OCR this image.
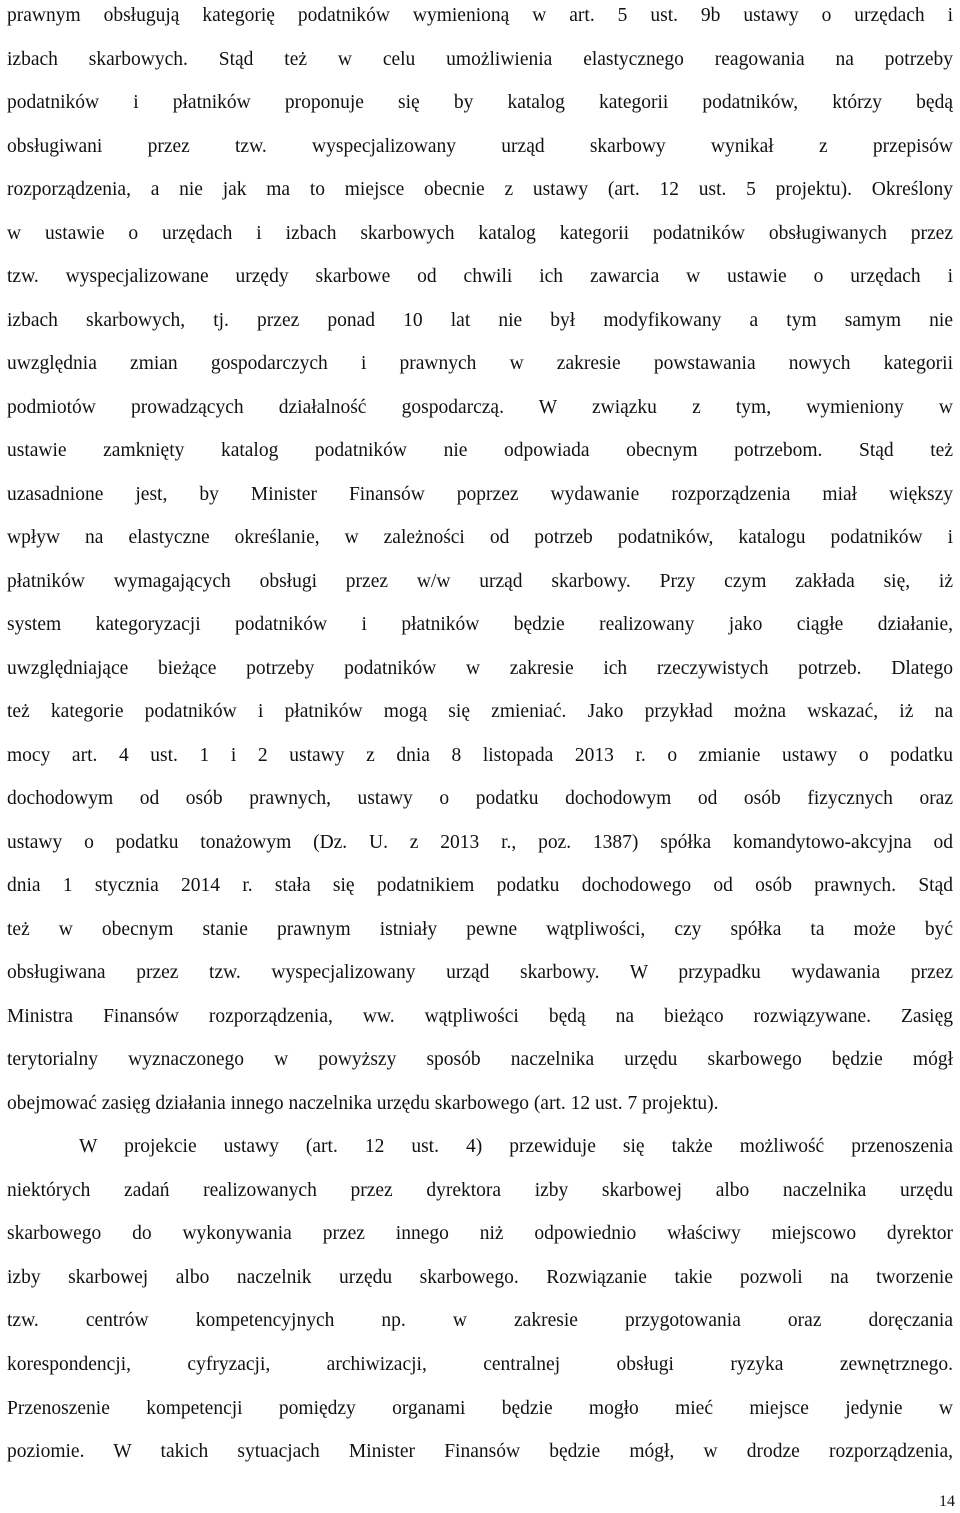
prawnym obsługują kategorię podatników wymienioną w art. 5 ust. 9b ustawy o urzędach i
izbach skarbowych. Stąd też w celu umożliwienia elastycznego reagowania na potrzeby
podatników i płatników proponuje się by katalog kategorii podatników, którzy będą
obsługiwani przez tzw. wyspecjalizowany urząd skarbowy wynikał z przepisów
rozporządzenia, a nie jak ma to miejsce obecnie z ustawy (art. 12 ust. 5 projektu). Określony
w ustawie o urzędach i izbach skarbowych katalog kategorii podatników obsługiwanych przez
tzw. wyspecjalizowane urzędy skarbowe od chwili ich zawarcia w ustawie o urzędach i
izbach skarbowych, tj. przez ponad 10 lat nie był modyfikowany a tym samym nie
uwzględnia zmian gospodarczych i prawnych w zakresie powstawania nowych kategorii
podmiotów prowadzących działalność gospodarczą. W związku z tym, wymieniony w
ustawie zamknięty katalog podatników nie odpowiada obecnym potrzebom. Stąd też
uzasadnione jest, by Minister Finansów poprzez wydawanie rozporządzenia miał większy
wpływ na elastyczne określanie, w zależności od potrzeb podatników, katalogu podatników i
płatników wymagających obsługi przez w/w urząd skarbowy. Przy czym zakłada się, iż
system kategoryzacji podatników i płatników będzie realizowany jako ciągłe działanie,
uwzględniające bieżące potrzeby podatników w zakresie ich rzeczywistych potrzeb. Dlatego
też kategorie podatników i płatników mogą się zmieniać. Jako przykład można wskazać, iż na
mocy art. 4 ust. 1 i 2 ustawy z dnia 8 listopada 2013 r. o zmianie ustawy o podatku
dochodowym od osób prawnych, ustawy o podatku dochodowym od osób fizycznych oraz
ustawy o podatku tonażowym (Dz. U. z 2013 r., poz. 1387) spółka komandytowo-akcyjna od
dnia 1 stycznia 2014 r. stała się podatnikiem podatku dochodowego od osób prawnych. Stąd
też w obecnym stanie prawnym istniały pewne wątpliwości, czy spółka ta może być
obsługiwana przez tzw. wyspecjalizowany urząd skarbowy. W przypadku wydawania przez
Ministra Finansów rozporządzenia, ww. wątpliwości będą na bieżąco rozwiązywane. Zasięg
terytorialny wyznaczonego w powyższy sposób naczelnika urzędu skarbowego będzie mógł
obejmować zasięg działania innego naczelnika urzędu skarbowego (art. 12 ust. 7 projektu).
W projekcie ustawy (art. 12 ust. 4) przewiduje się także możliwość przenoszenia
niektórych zadań realizowanych przez dyrektora izby skarbowej albo naczelnika urzędu
skarbowego do wykonywania przez innego niż odpowiednio właściwy miejscowo dyrektor
izby skarbowej albo naczelnik urzędu skarbowego. Rozwiązanie takie pozwoli na tworzenie
tzw. centrów kompetencyjnych np. w zakresie przygotowania oraz doręczania
korespondencji, cyfryzacji, archiwizacji, centralnej obsługi ryzyka zewnętrznego.
Przenoszenie kompetencji pomiędzy organami będzie mogło mieć miejsce jedynie w
poziomie. W takich sytuacjach Minister Finansów będzie mógł, w drodze rozporządzenia,
14
